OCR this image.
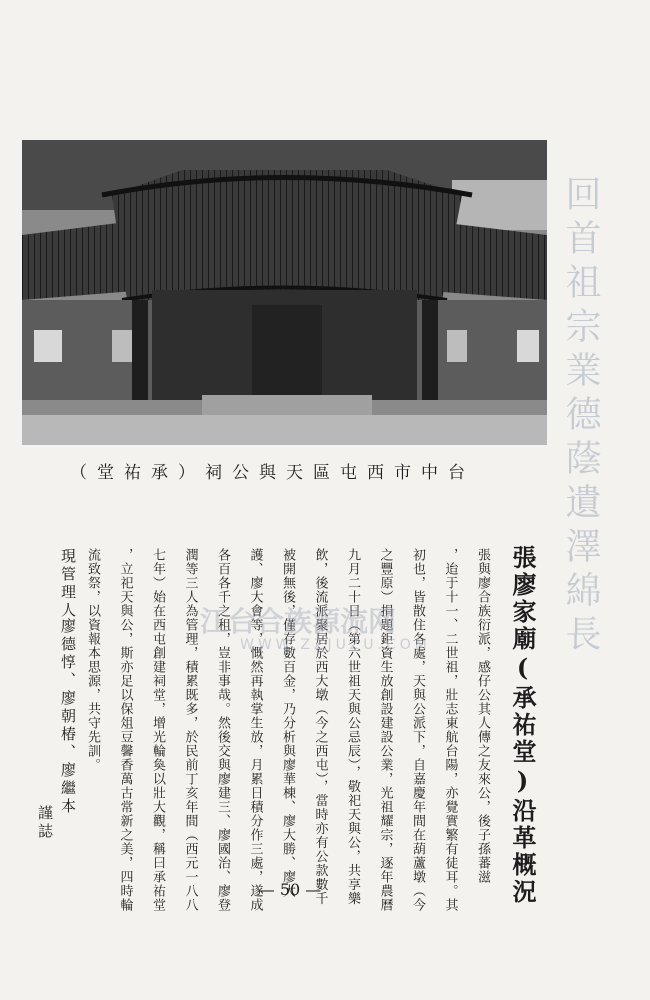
回首祖宗業德蔭遺澤綿長
台中市西屯區天與公祠（承祐堂）
張廖家廟(承祐堂)沿革概況
張與廖合族衍派，感仔公其人傳之友來公，後子孫蕃滋
，迨于十一、二世祖，壯志東航台陽，亦覺實繁有徒耳。其
初也，皆散住各處，天與公派下，自嘉慶年間在葫蘆墩（今
之豐原）捐題鉅資生放創設建設公業，光祖耀宗，逐年農曆
九月二十日（第六世祖天與公忌辰），敬祀天與公，共享樂
飲，後流派聚居於西大墩（今之西屯），當時亦有公款數千
被開無後，僅存數百金，乃分析與廖華棟、廖大勝、廖大
護、廖大會等，慨然再執掌生放，月累日積分作三處，遂成
各百各千之租，豈非事哉。然後交與廖建三、廖國治、廖登
潤等三人為管理，積累既多，於民前丁亥年間（西元一八八
七年）始在西屯創建祠堂，增光輪奐以壯大觀，稱曰承祐堂
，立祀天與公，斯亦足以保俎豆馨香萬古常新之美，四時輪
流致祭，以資報本思源，共守先訓。
現管理人
廖德惇、廖朝椿、廖繼本
謹誌
江台合族源流网
WWW.ZZJUZU.COM
— 50 —
